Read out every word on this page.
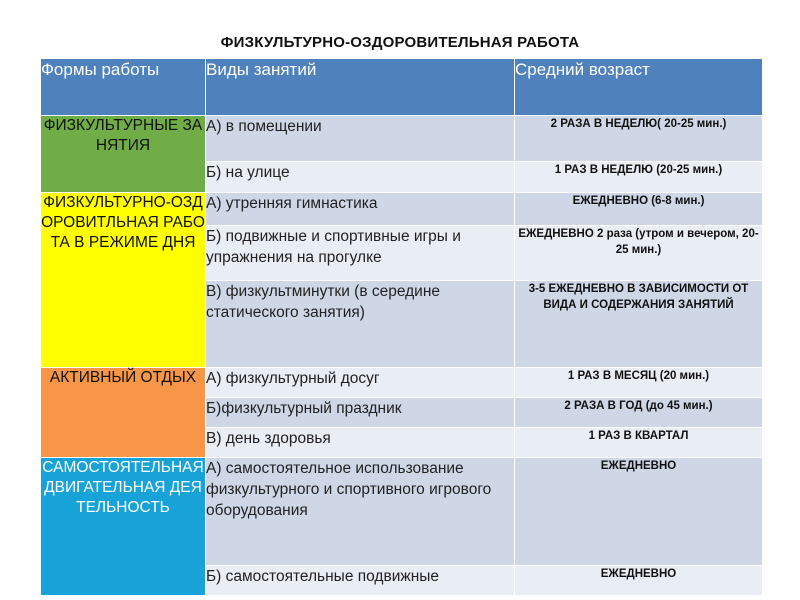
ФИЗКУЛЬТУРНО-ОЗДОРОВИТЕЛЬНАЯ РАБОТА
Формы работы	Виды занятий	Средний возраст
ФИЗКУЛЬТУРНЫЕ ЗАНЯТИЯ	А) в помещении	2 РАЗА В НЕДЕЛЮ( 20-25 мин.)
	Б) на улице	1 РАЗ В НЕДЕЛЮ (20-25 мин.)
ФИЗКУЛЬТУРНО-ОЗДОРОВИТЛЬНАЯ РАБОТА В РЕЖИМЕ ДНЯ	А) утренняя гимнастика	ЕЖЕДНЕВНО (6-8 мин.)
	Б) подвижные и спортивные игры и упражнения на прогулке	ЕЖЕДНЕВНО 2 раза (утром и вечером, 20-25 мин.)
	В) физкультминутки (в середине статического занятия)	3-5 ЕЖЕДНЕВНО В ЗАВИСИМОСТИ ОТ ВИДА И СОДЕРЖАНИЯ ЗАНЯТИЙ
АКТИВНЫЙ ОТДЫХ	А) физкультурный досуг	1 РАЗ В МЕСЯЦ (20 мин.)
	Б)физкультурный праздник	2 РАЗА В ГОД (до 45 мин.)
	В) день здоровья	1 РАЗ В КВАРТАЛ
САМОСТОЯТЕЛЬНАЯ ДВИГАТЕЛЬНАЯ ДЕЯТЕЛЬНОСТЬ	А) самостоятельное использование физкультурного и спортивного игрового оборудования	ЕЖЕДНЕВНО
	Б) самостоятельные подвижные	ЕЖЕДНЕВНО
